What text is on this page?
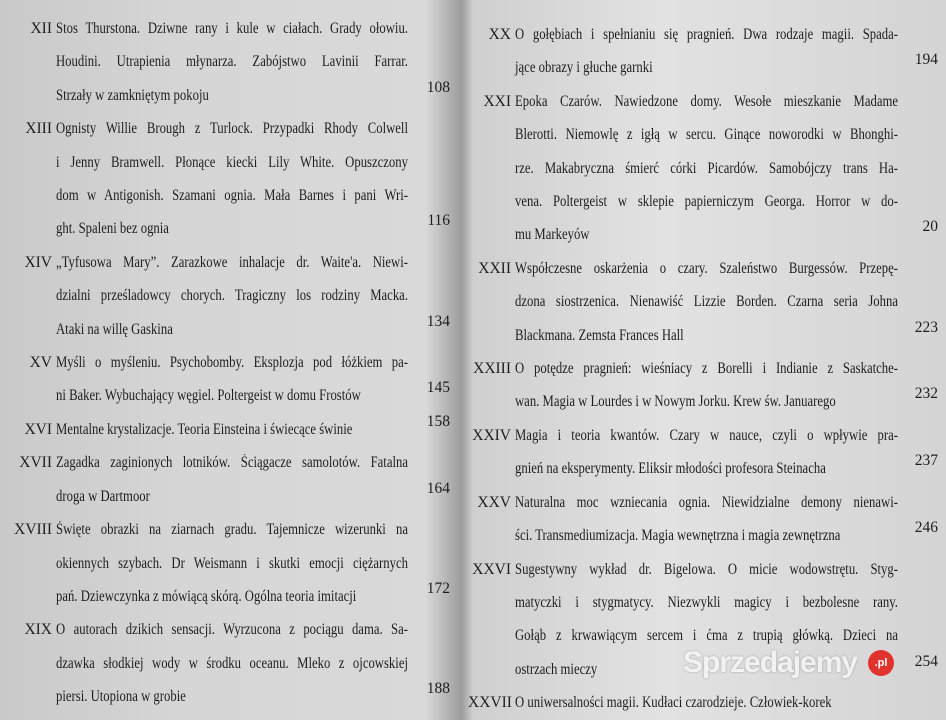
XII Stos Thurstona. Dziwne rany i kule w ciałach. Grady ołowiu.
Houdini. Utrapienia młynarza. Zabójstwo Lavinii Farrar.
Strzały w zamkniętym pokoju	108
XIII Ognisty Willie Brough z Turlock. Przypadki Rhody Colwell
i Jenny Bramwell. Płonące kiecki Lily White. Opuszczony
dom w Antigonish. Szamani ognia. Mała Barnes i pani Wri-
ght. Spaleni bez ognia	116
XIV „Tyfusowa Mary”. Zarazkowe inhalacje dr. Waite'a. Niewi-
dzialni prześladowcy chorych. Tragiczny los rodziny Macka.
Ataki na willę Gaskina	134
XV Myśli o myśleniu. Psychobomby. Eksplozja pod łóżkiem pa-
ni Baker. Wybuchający węgiel. Poltergeist w domu Frostów	145
XVI Mentalne krystalizacje. Teoria Einsteina i świecące świnie	158
XVII Zagadka zaginionych lotników. Ściągacze samolotów. Fatalna
droga w Dartmoor	164
XVIII Święte obrazki na ziarnach gradu. Tajemnicze wizerunki na
okiennych szybach. Dr Weismann i skutki emocji ciężarnych
pań. Dziewczynka z mówiącą skórą. Ogólna teoria imitacji	172
XIX O autorach dzikich sensacji. Wyrzucona z pociągu dama. Sa-
dzawka słodkiej wody w środku oceanu. Mleko z ojcowskiej
piersi. Utopiona w grobie	188
XX O gołębiach i spełnianiu się pragnień. Dwa rodzaje magii. Spada-
jące obrazy i głuche garnki	194
XXI Epoka Czarów. Nawiedzone domy. Wesołe mieszkanie Madame
Blerotti. Niemowlę z igłą w sercu. Ginące noworodki w Bhonghi-
rze. Makabryczna śmierć córki Picardów. Samobójczy trans Ha-
vena. Poltergeist w sklepie papierniczym Georga. Horror w do-
mu Markeyów	20
XXII Współczesne oskarżenia o czary. Szaleństwo Burgessów. Przepę-
dzona siostrzenica. Nienawiść Lizzie Borden. Czarna seria Johna
Blackmana. Zemsta Frances Hall	223
XXIII O potędze pragnień: wieśniacy z Borelli i Indianie z Saskatche-
wan. Magia w Lourdes i w Nowym Jorku. Krew św. Januarego	232
XXIV Magia i teoria kwantów. Czary w nauce, czyli o wpływie pra-
gnień na eksperymenty. Eliksir młodości profesora Steinacha	237
XXV Naturalna moc wzniecania ognia. Niewidzialne demony nienawi-
ści. Transmediumizacja. Magia wewnętrzna i magia zewnętrzna	246
XXVI Sugestywny wykład dr. Bigelowa. O micie wodowstrętu. Styg-
matyczki i stygmatycy. Niezwykli magicy i bezbolesne rany.
Gołąb z krwawiącym sercem i ćma z trupią główką. Dzieci na
ostrzach mieczy	254
XXVII O uniwersalności magii. Kudłaci czarodzieje. Człowiek-korek
Sprzedajemy	.pl
